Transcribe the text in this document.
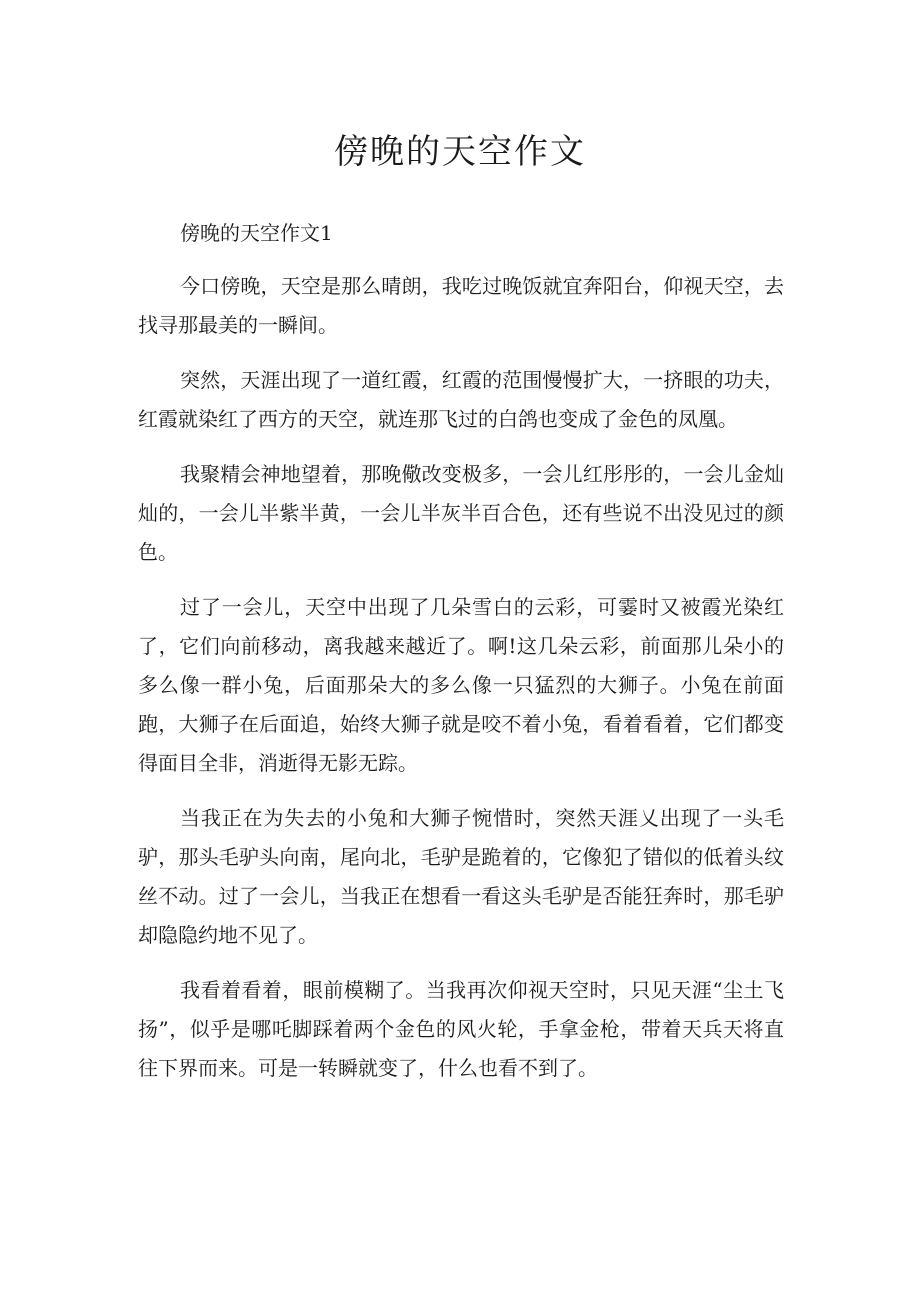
傍晚的天空作文

傍晚的天空作文1

今口傍晚，天空是那么晴朗，我吃过晚饭就宜奔阳台，仰视天空，去找寻那最美的一瞬间。

突然，天涯出现了一道红霞，红霞的范围慢慢扩大，一挤眼的功夫，红霞就染红了西方的天空，就连那飞过的白鸽也变成了金色的凤凰。

我聚精会神地望着，那晚儆改变极多，一会儿红彤彤的，一会儿金灿灿的，一会儿半紫半黄，一会儿半灰半百合色，还有些说不出没见过的颜色。

过了一会儿，天空中出现了几朵雪白的云彩，可霎时又被霞光染红了，它们向前移动，离我越来越近了。啊!这几朵云彩，前面那儿朵小的多么像一群小兔，后面那朵大的多么像一只猛烈的大狮子。小兔在前面跑，大狮子在后面追，始终大狮子就是咬不着小兔，看着看着，它们都变得面目全非，消逝得无影无踪。

当我正在为失去的小兔和大狮子惋惜时，突然天涯乂出现了一头毛驴，那头毛驴头向南，尾向北，毛驴是跪着的，它像犯了错似的低着头纹丝不动。过了一会儿，当我正在想看一看这头毛驴是否能狂奔时，那毛驴却隐隐约地不见了。

我看着看着，眼前模糊了。当我再次仰视天空时，只见天涯“尘土飞扬”，似乎是哪吒脚踩着两个金色的风火轮，手拿金枪，带着天兵天将直往下界而来。可是一转瞬就变了，什么也看不到了。
